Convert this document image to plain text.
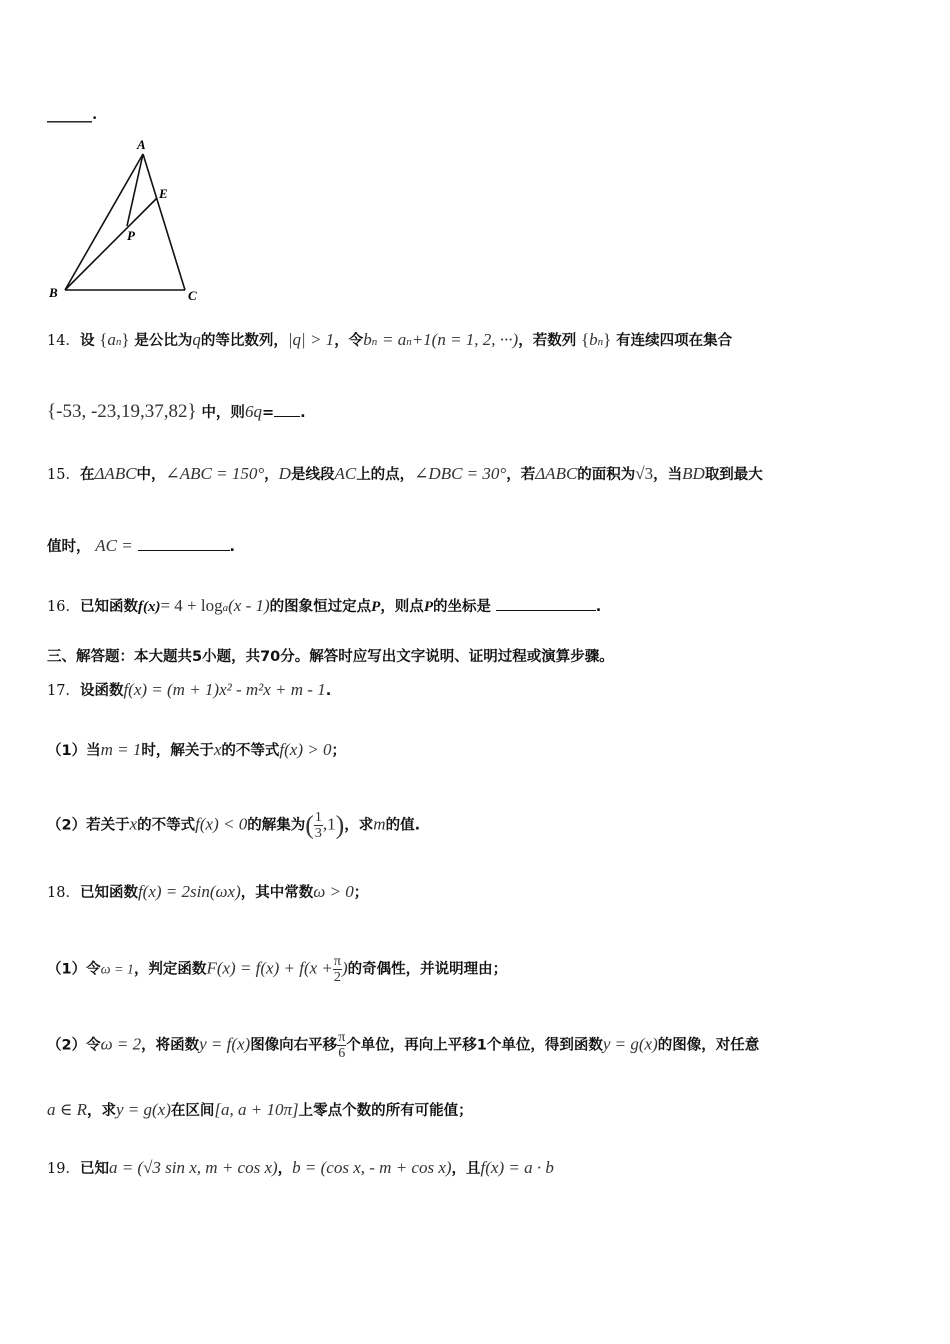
______.
A
B	C
E
P
14．设 {an} 是公比为q的等比数列，|q| > 1，令bn = an+1(n = 1, 2, ···)，若数列 {bn} 有连续四项在集合
{-53, -23,19,37,82} 中，则6q= .
15．在ΔABC中，∠ABC = 150°，D是线段AC上的点，∠DBC = 30°，若ΔABC的面积为√3，当BD取到最大
值时， AC =	.
16．已知函数f(x)= 4 + loga(x - 1)的图象恒过定点P，则点P的坐标是	.
三、解答题：本大题共5小题，共70分。解答时应写出文字说明、证明过程或演算步骤。
17．设函数f(x) = (m + 1)x² - m²x + m - 1.
（1）当m = 1时，解关于x的不等式f(x) > 0；
（2）若关于x的不等式f(x) < 0的解集为( $\frac{1}{3} ,1$)，求m的值.
18．已知函数f(x) = 2sin(ωx)，其中常数ω > 0；
（1）令ω = 1，判定函数$F(x) = f(x) + f(x + \frac{\pi}{2}$ )的奇偶性，并说明理由；
（2）令ω = 2，将函数y = f(x)图像向右平移 $\frac{\pi}{6}$ 个单位，再向上平移1个单位，得到函数y = g(x)的图像，对任意
a ∈ R，求y = g(x)在区间[a, a + 10π]上零点个数的所有可能值；
19．已知a = (√3 sin x, m + cos x)，b = (cos x, - m + cos x)，且f(x) = a · b
